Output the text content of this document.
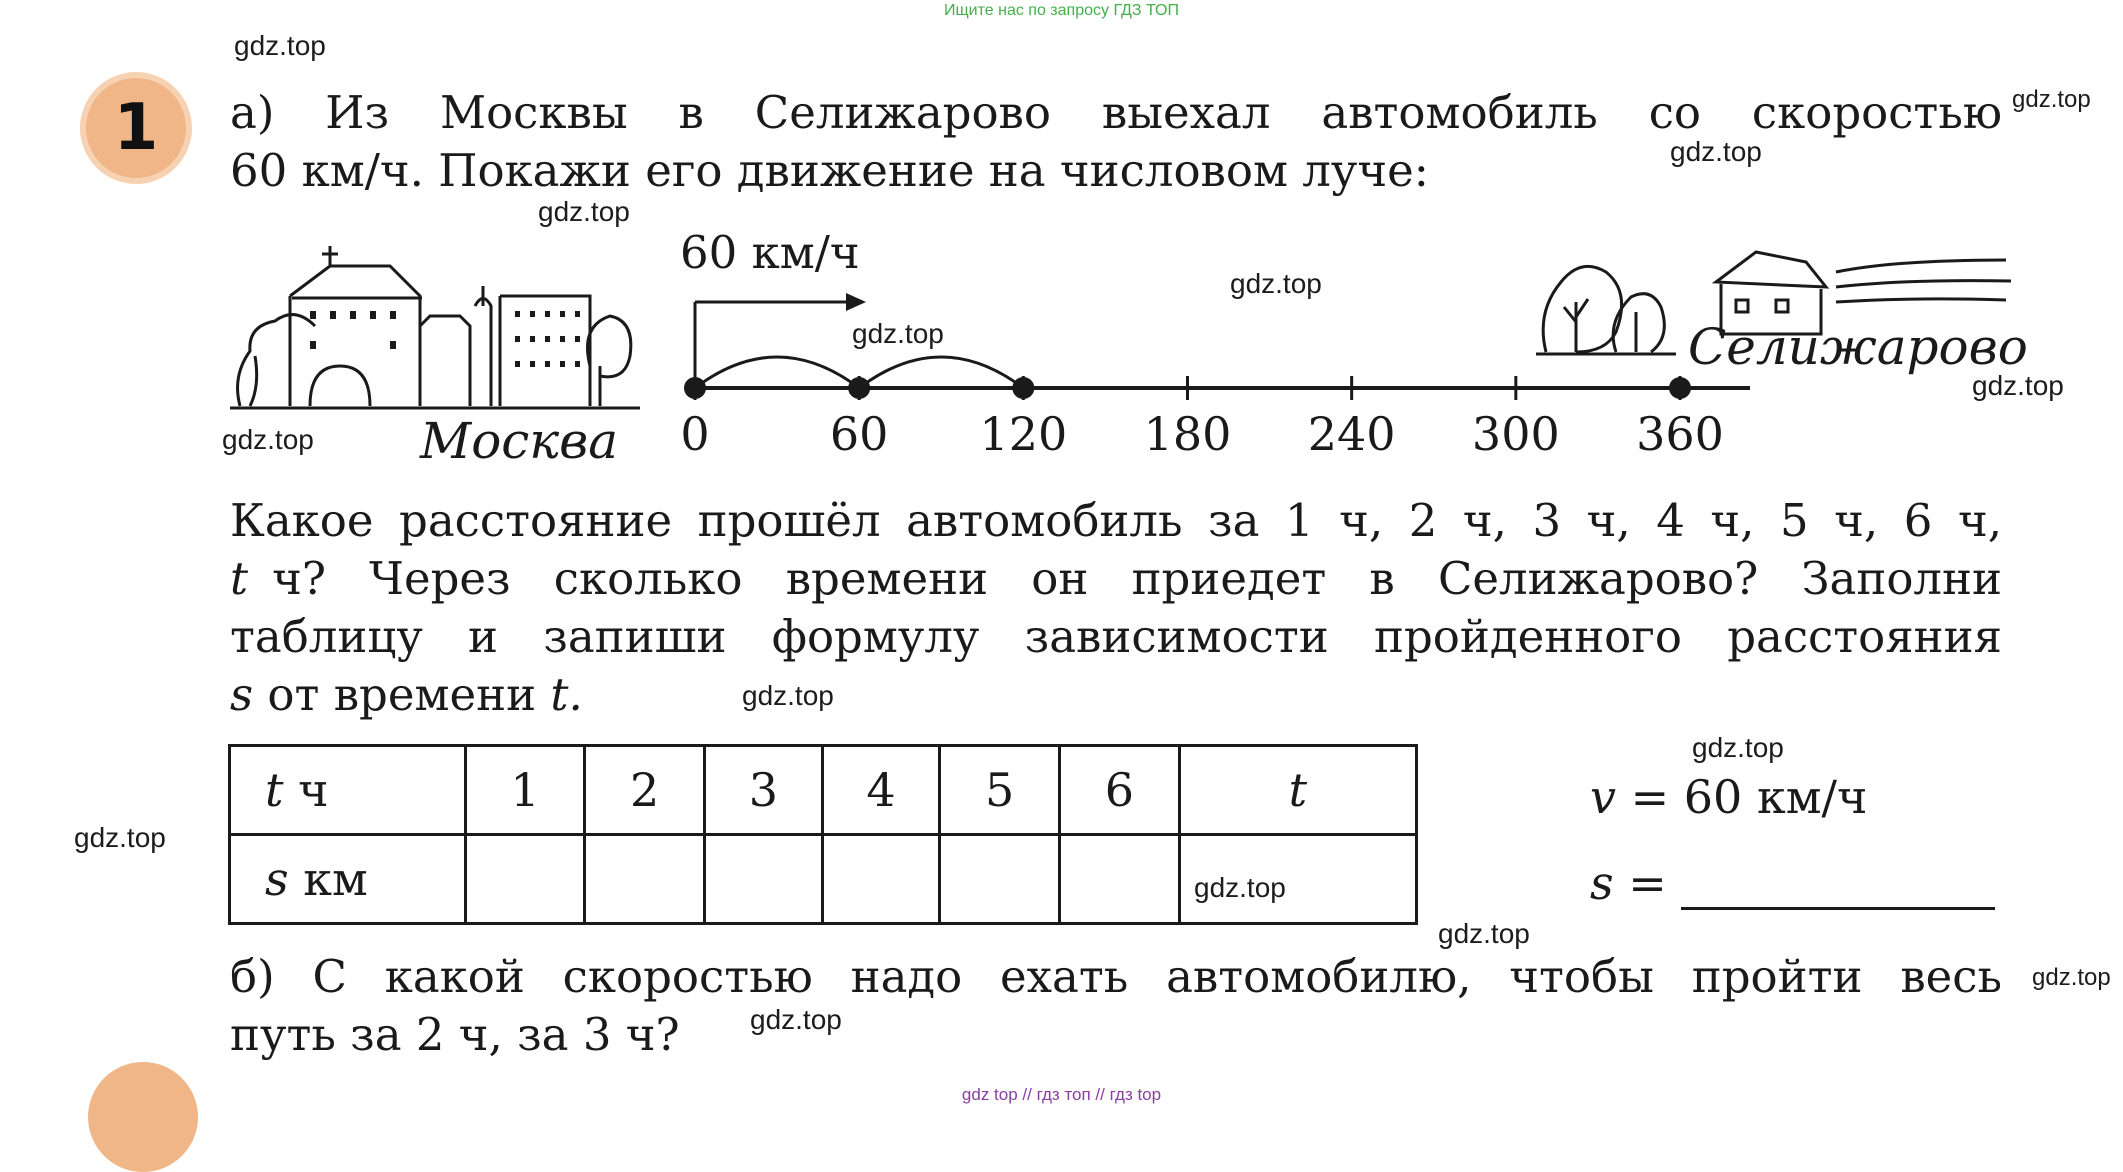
Ищите нас по запросу ГДЗ ТОП
gdz top // гдз топ // гдз top
gdz.top
gdz.top
gdz.top
gdz.top
gdz.top
gdz.top
gdz.top
gdz.top
gdz.top
gdz.top
gdz.top
gdz.top
gdz.top
gdz.top
gdz.top
1	а) Из Москвы в Селижарово выехал автомобиль со скоростью
60 км/ч. Покажи его движение на числовом луче:
60 км/ч
0	60 120 180 240 300 360
Москва
Селижарово
Какое расстояние прошёл автомобиль за 1 ч, 2 ч, 3 ч, 4 ч, 5 ч, 6 ч,
t ч? Через сколько времени он приедет в Селижарово? Заполни
таблицу и запиши формулу зависимости пройденного расстояния
s от времени t.
t ч	1	2	3	4	5	6	t
s км							
v = 60 км/ч
s
=
б) С какой скоростью надо ехать автомобилю, чтобы пройти весь
путь за 2 ч, за 3 ч?
